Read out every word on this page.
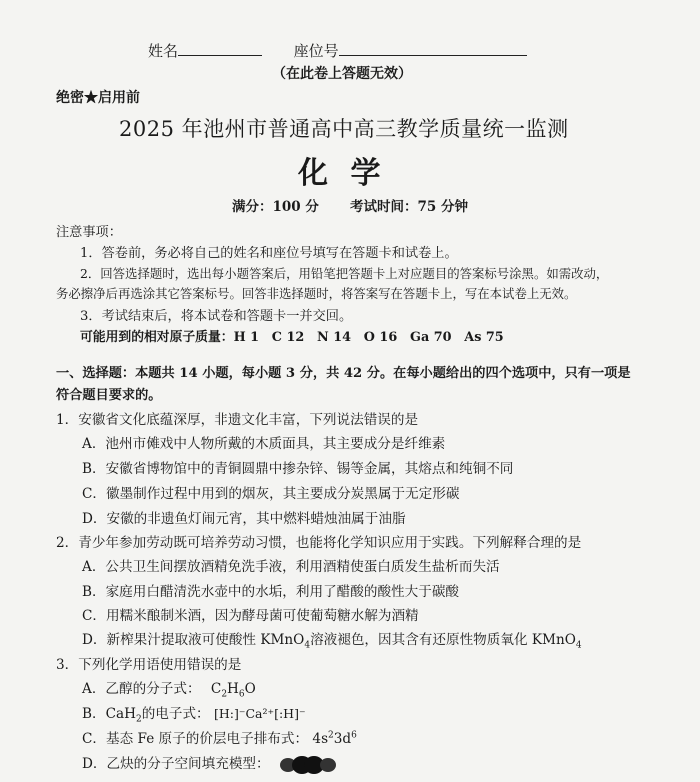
姓名	座位号
（在此卷上答题无效）
绝密★启用前
2025 年池州市普通高中高三教学质量统一监测
化 学
满分：100 分 考试时间：75 分钟
注意事项：
1．答卷前，务必将自己的姓名和座位号填写在答题卡和试卷上。
2．回答选择题时，选出每小题答案后，用铅笔把答题卡上对应题目的答案标号涂黑。如需改动，
务必擦净后再选涂其它答案标号。回答非选择题时，将答案写在答题卡上，写在本试卷上无效。
3．考试结束后，将本试卷和答题卡一并交回。
可能用到的相对原子质量：H 1　C 12　N 14　O 16　Ga 70　As 75
一、选择题：本题共 14 小题，每小题 3 分，共 42 分。在每小题给出的四个选项中，只有一项是
符合题目要求的。
1．安徽省文化底蕴深厚，非遗文化丰富，下列说法错误的是
A．池州市傩戏中人物所戴的木质面具，其主要成分是纤维素
B．安徽省博物馆中的青铜圆鼎中掺杂锌、锡等金属，其熔点和纯铜不同
C．徽墨制作过程中用到的烟灰，其主要成分炭黑属于无定形碳
D．安徽的非遗鱼灯闹元宵，其中燃料蜡烛油属于油脂
2．青少年参加劳动既可培养劳动习惯，也能将化学知识应用于实践。下列解释合理的是
A．公共卫生间摆放酒精免洗手液，利用酒精使蛋白质发生盐析而失活
B．家庭用白醋清洗水壶中的水垢，利用了醋酸的酸性大于碳酸
C．用糯米酿制米酒，因为酵母菌可使葡萄糖水解为酒精
D．新榨果汁提取液可使酸性 KMnO$_4$溶液褪色，因其含有还原性物质氧化 KMnO$_4$
3．下列化学用语使用错误的是
A．乙醇的分子式： $C_2H_6O$
B．CaH$_2$的电子式： [H:]⁻Ca²⁺[:H]⁻
C．基态 Fe 原子的价层电子排布式： $4s^23d^6$
D．乙炔的分子空间填充模型：
